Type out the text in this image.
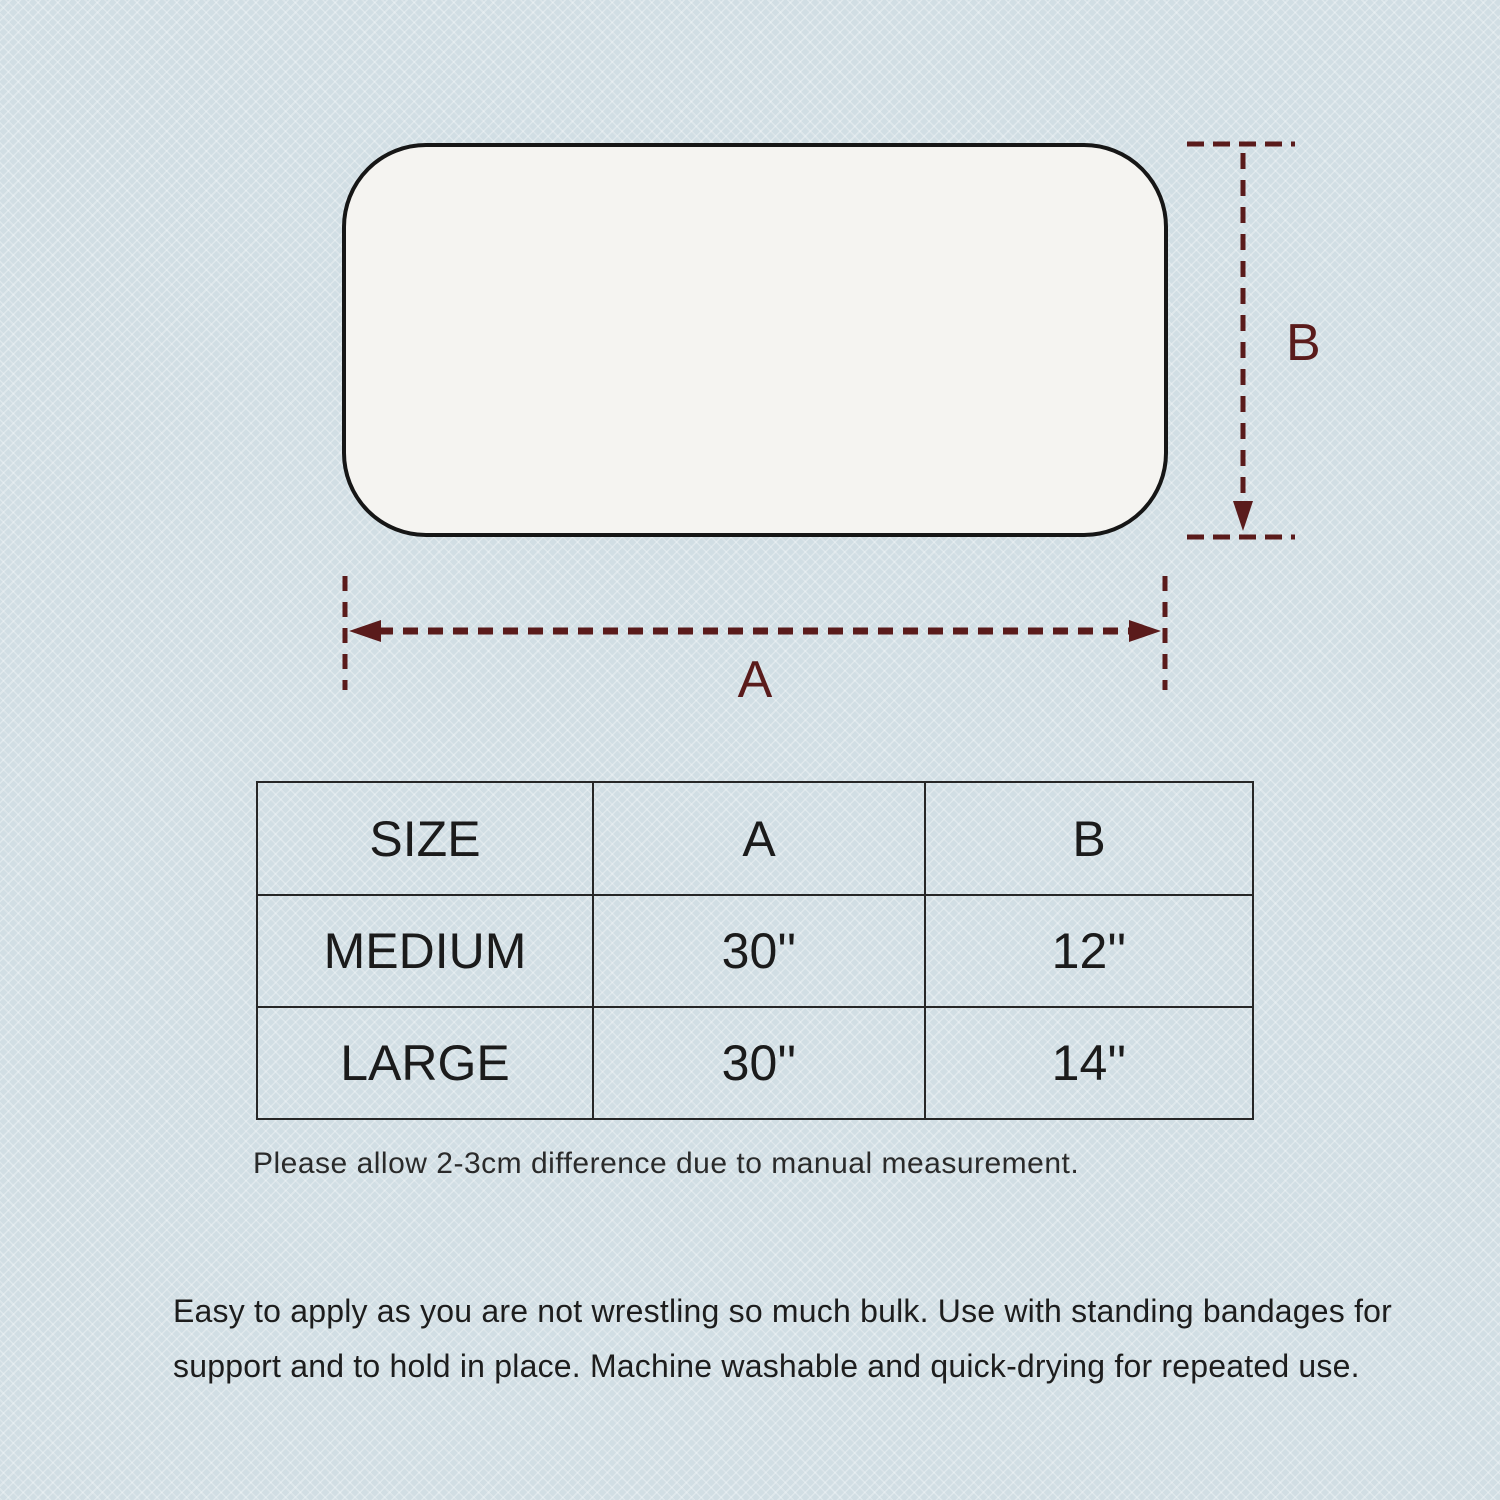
B
A
SIZE	A	B
MEDIUM	30''	12''
LARGE	30''	14''
Please allow 2-3cm difference due to manual measurement.
Easy to apply as you are not wrestling so much bulk. Use with standing bandages for support and to hold in place. Machine washable and quick-drying for repeated use.
